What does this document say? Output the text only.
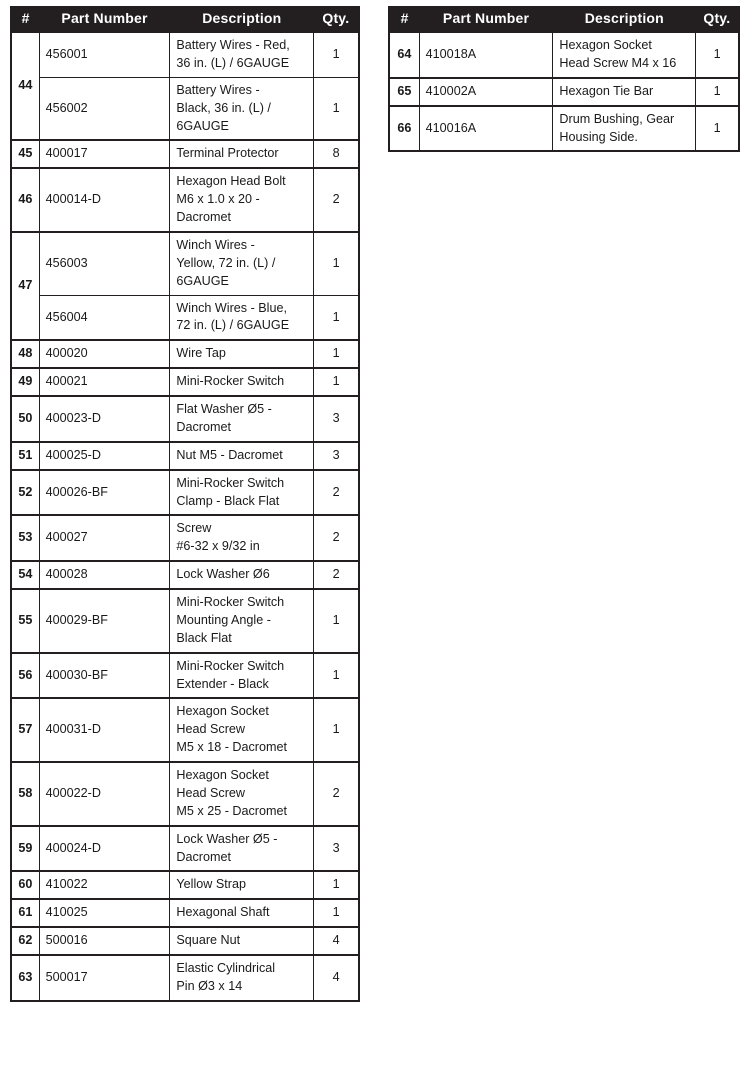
#	Part Number	Description	Qty.
44	456001	Battery Wires - Red,
36 in. (L) / 6GAUGE	1
	456002	Battery Wires -
Black, 36 in. (L) /
6GAUGE	1
45	400017	Terminal Protector	8
46	400014-D	Hexagon Head Bolt
M6 x 1.0 x 20 -
Dacromet	2
47	456003	Winch Wires -
Yellow, 72 in. (L) /
6GAUGE	1
	456004	Winch Wires - Blue,
72 in. (L) / 6GAUGE	1
48	400020	Wire Tap	1
49	400021	Mini-Rocker Switch	1
50	400023-D	Flat Washer Ø5 -
Dacromet	3
51	400025-D	Nut M5 - Dacromet	3
52	400026-BF	Mini-Rocker Switch
Clamp - Black Flat	2
53	400027	Screw
#6-32 x 9/32 in	2
54	400028	Lock Washer Ø6	2
55	400029-BF	Mini-Rocker Switch
Mounting Angle -
Black Flat	1
56	400030-BF	Mini-Rocker Switch
Extender - Black	1
57	400031-D	Hexagon Socket
Head Screw
M5 x 18 - Dacromet	1
58	400022-D	Hexagon Socket
Head Screw
M5 x 25 - Dacromet	2
59	400024-D	Lock Washer Ø5 -
Dacromet	3
60	410022	Yellow Strap	1
61	410025	Hexagonal Shaft	1
62	500016	Square Nut	4
63	500017	Elastic Cylindrical
Pin Ø3 x 14	4
#	Part Number	Description	Qty.
64	410018A	Hexagon Socket
Head Screw M4 x 16	1
65	410002A	Hexagon Tie Bar	1
66	410016A	Drum Bushing, Gear
Housing Side.	1
